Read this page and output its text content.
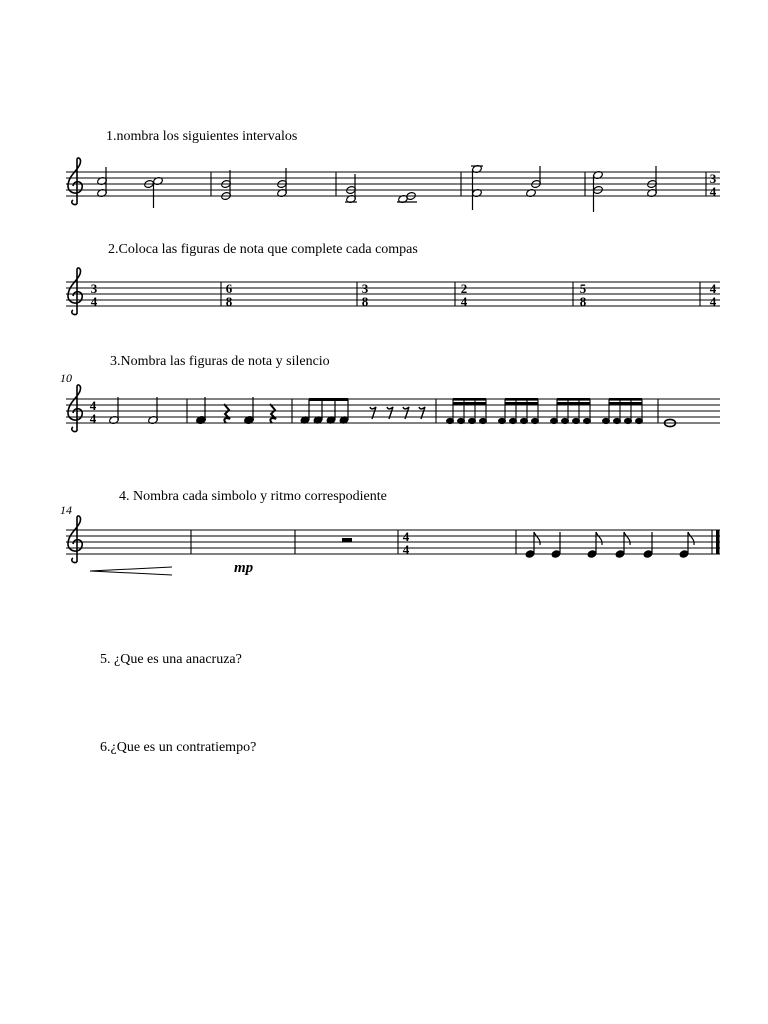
1.nombra los siguientes intervalos
2.Coloca las figuras de nota que complete cada compas
3.Nombra las figuras de nota y silencio
4. Nombra cada simbolo y ritmo correspodiente
5. ¿Que es una anacruza?
6.¿Que es un contratiempo?
10
14
3
4
3
4
6
8
3
8
2
4
5
8
4
4
4
4
mp
4
4
